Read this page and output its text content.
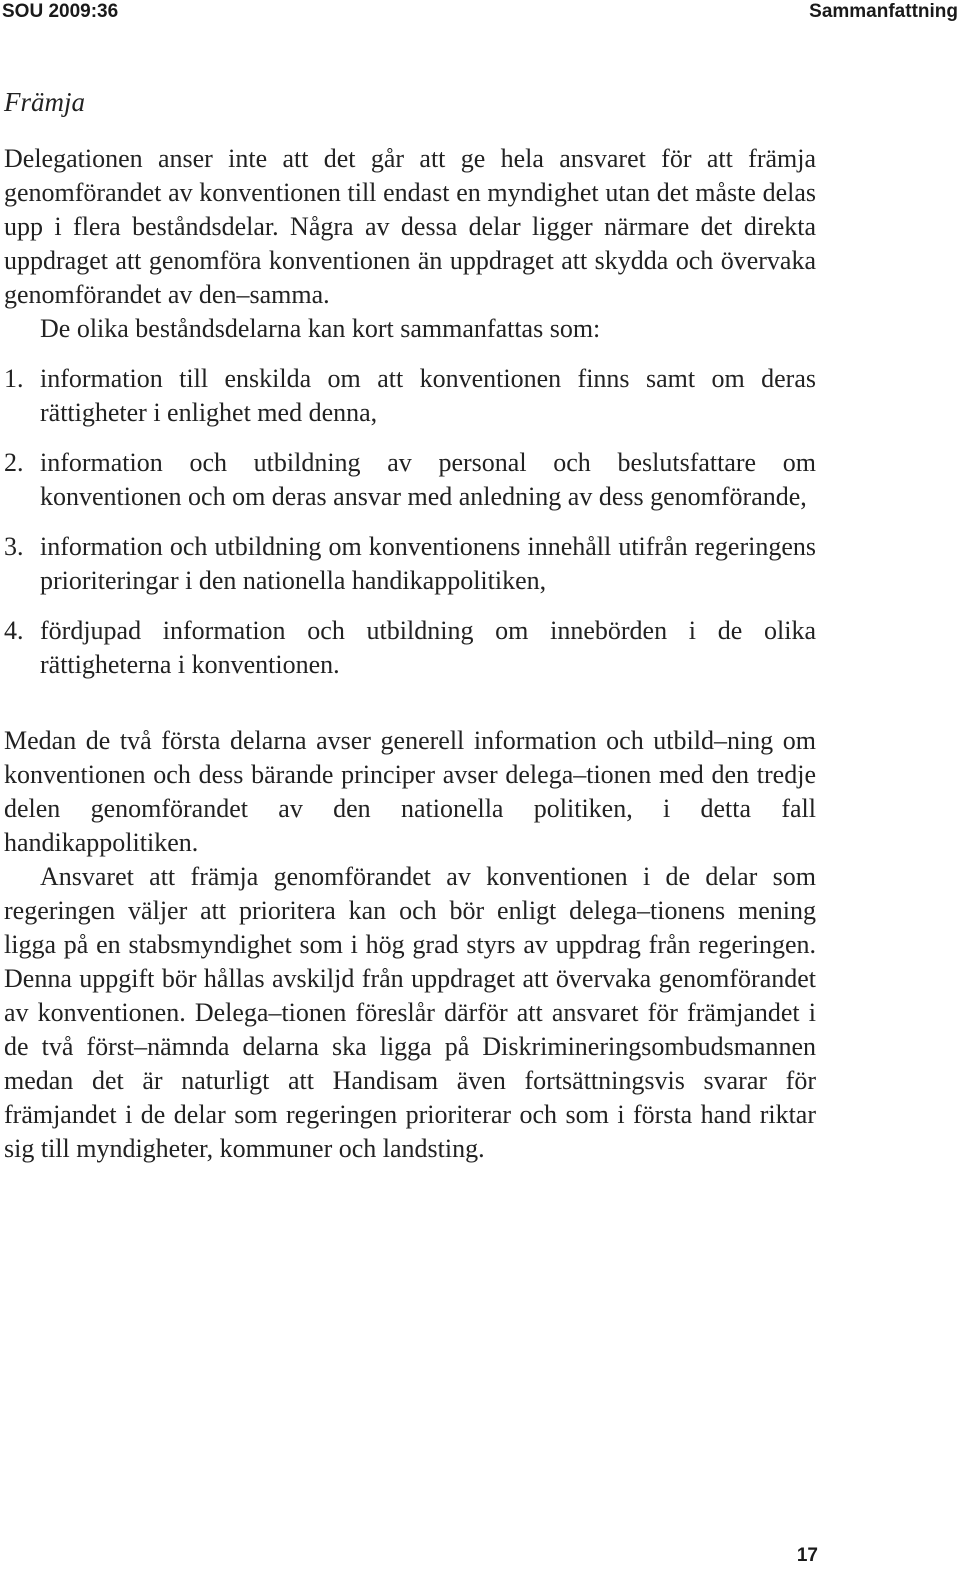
SOU 2009:36	Sammanfattning
Främja

Delegationen anser inte att det går att ge hela ansvaret för att främja genomförandet av konventionen till endast en myndighet utan det måste delas upp i flera beståndsdelar. Några av dessa delar ligger närmare det direkta uppdraget att genomföra konventionen än uppdraget att skydda och övervaka genomförandet av den–samma.

De olika beståndsdelarna kan kort sammanfattas som:

1. information till enskilda om att konventionen finns samt om deras rättigheter i enlighet med denna,
2. information och utbildning av personal och beslutsfattare om konventionen och om deras ansvar med anledning av dess genomförande,
3. information och utbildning om konventionens innehåll utifrån regeringens prioriteringar i den nationella handikappolitiken,
4. fördjupad information och utbildning om innebörden i de olika rättigheterna i konventionen.

Medan de två första delarna avser generell information och utbild–ning om konventionen och dess bärande principer avser delega–tionen med den tredje delen genomförandet av den nationella politiken, i detta fall handikappolitiken.

Ansvaret att främja genomförandet av konventionen i de delar som regeringen väljer att prioritera kan och bör enligt delega–tionens mening ligga på en stabsmyndighet som i hög grad styrs av uppdrag från regeringen. Denna uppgift bör hållas avskiljd från uppdraget att övervaka genomförandet av konventionen. Delega–tionen föreslår därför att ansvaret för främjandet i de två först–nämnda delarna ska ligga på Diskrimineringsombudsmannen medan det är naturligt att Handisam även fortsättningsvis svarar för främjandet i de delar som regeringen prioriterar och som i första hand riktar sig till myndigheter, kommuner och landsting.

17
